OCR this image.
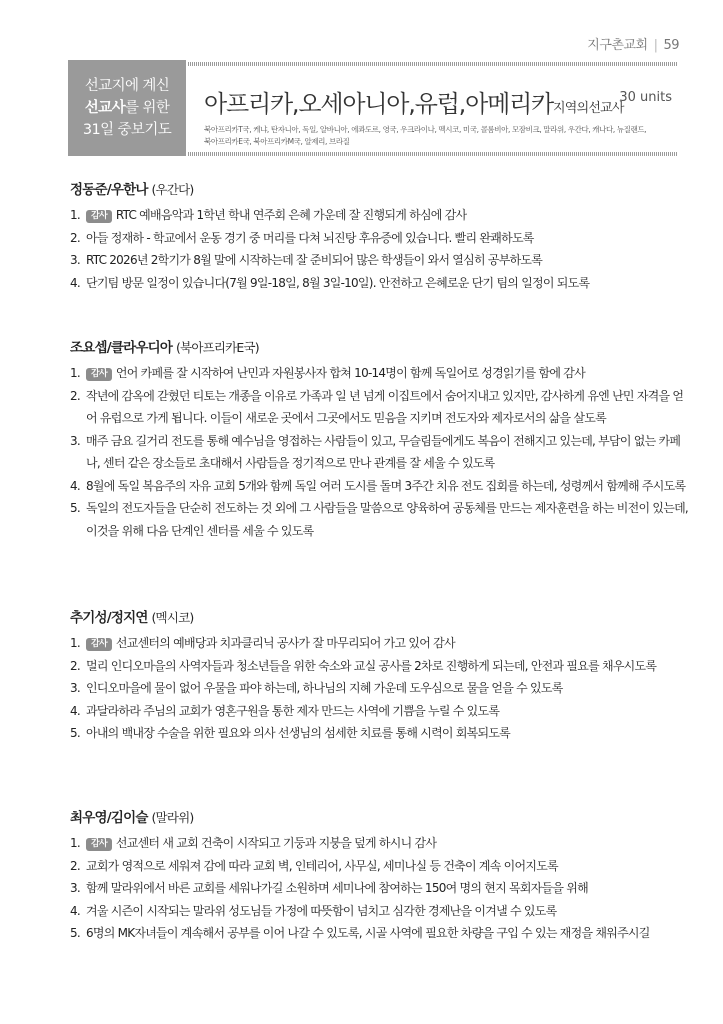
지구촌교회 | 59
선교지에 계신
선교사를 위한
31일 중보기도
아프리카,오세아니아,유럽,아메리카지역의선교사
30 units
북아프리카T국, 케냐, 탄자니아, 독일, 알바니아, 에콰도르, 영국, 우크라이나, 멕시코, 미국, 콜롬비아, 모잠비크, 말라위, 우간다, 캐나다, 뉴질랜드,
북아프리카E국, 북아프리카M국, 알제리, 브라질
정동준/우한나 (우간다)
1. 감사 RTC 예배음악과 1학년 학내 연주회 은혜 가운데 잘 진행되게 하심에 감사
2. 아들 정재하 - 학교에서 운동 경기 중 머리를 다쳐 뇌진탕 후유증에 있습니다. 빨리 완쾌하도록
3. RTC 2026년 2학기가 8월 말에 시작하는데 잘 준비되어 많은 학생들이 와서 열심히 공부하도록
4. 단기팀 방문 일정이 있습니다(7월 9일-18일, 8월 3일-10일). 안전하고 은혜로운 단기 팀의 일정이 되도록
조요셉/클라우디아 (북아프리카E국)
1. 감사 언어 카페를 잘 시작하여 난민과 자원봉사자 합쳐 10-14명이 함께 독일어로 성경읽기를 함에 감사
2. 작년에 감옥에 갇혔던 티토는 개종을 이유로 가족과 일 년 넘게 이집트에서 숨어지내고 있지만, 감사하게 유엔 난민 자격을 얻어 유럽으로 가게 됩니다. 이들이 새로운 곳에서 그곳에서도 믿음을 지키며 전도자와 제자로서의 삶을 살도록
3. 매주 금요 길거리 전도를 통해 예수님을 영접하는 사람들이 있고, 무슬림들에게도 복음이 전해지고 있는데, 부담이 없는 카페나, 센터 같은 장소들로 초대해서 사람들을 정기적으로 만나 관계를 잘 세울 수 있도록
4. 8월에 독일 복음주의 자유 교회 5개와 함께 독일 여러 도시를 돌며 3주간 치유 전도 집회를 하는데, 성령께서 함께해 주시도록
5. 독일의 전도자들을 단순히 전도하는 것 외에 그 사람들을 말씀으로 양육하여 공동체를 만드는 제자훈련을 하는 비전이 있는데, 이것을 위해 다음 단계인 센터를 세울 수 있도록
추기성/정지연 (멕시코)
1. 감사 선교센터의 예배당과 치과클리닉 공사가 잘 마무리되어 가고 있어 감사
2. 멀리 인디오마을의 사역자들과 청소년들을 위한 숙소와 교실 공사를 2차로 진행하게 되는데, 안전과 필요를 채우시도록
3. 인디오마을에 물이 없어 우물을 파야 하는데, 하나님의 지혜 가운데 도우심으로 물을 얻을 수 있도록
4. 과달라하라 주님의 교회가 영혼구원을 통한 제자 만드는 사역에 기쁨을 누릴 수 있도록
5. 아내의 백내장 수술을 위한 필요와 의사 선생님의 섬세한 치료를 통해 시력이 회복되도록
최우영/김이슬 (말라위)
1. 감사 선교센터 새 교회 건축이 시작되고 기둥과 지붕을 덮게 하시니 감사
2. 교회가 영적으로 세워져 감에 따라 교회 벽, 인테리어, 사무실, 세미나실 등 건축이 계속 이어지도록
3. 함께 말라위에서 바른 교회를 세워나가길 소원하며 세미나에 참여하는 150여 명의 현지 목회자들을 위해
4. 겨울 시즌이 시작되는 말라위 성도님들 가정에 따뜻함이 넘치고 심각한 경제난을 이겨낼 수 있도록
5. 6명의 MK자녀들이 계속해서 공부를 이어 나갈 수 있도록, 시골 사역에 필요한 차량을 구입 수 있는 재정을 채워주시길
